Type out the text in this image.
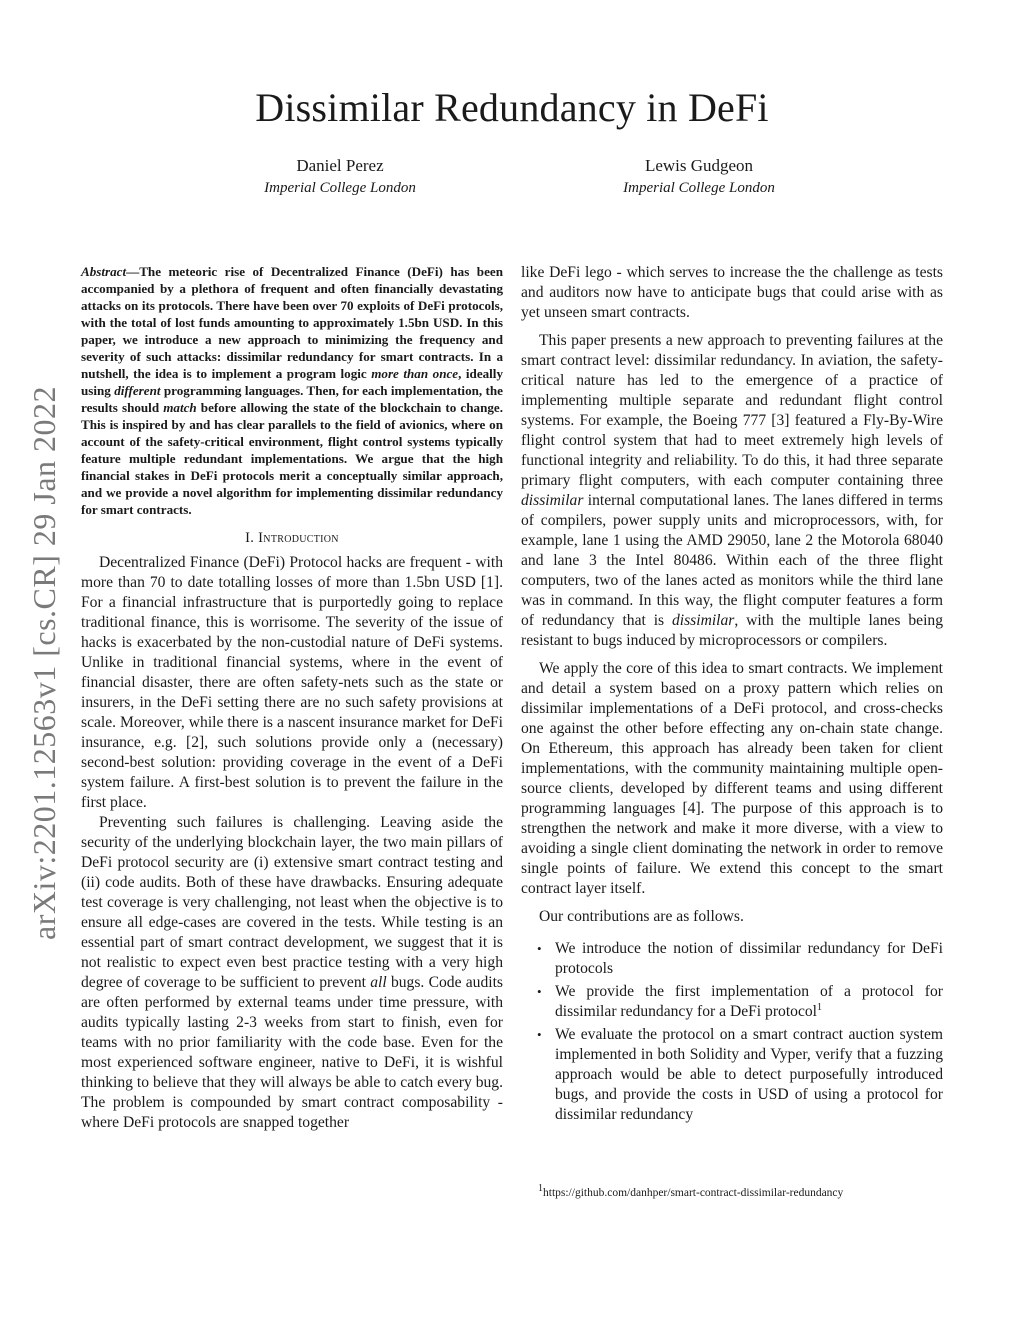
Dissimilar Redundancy in DeFi
Daniel Perez
Imperial College London
Lewis Gudgeon
Imperial College London
arXiv:2201.12563v1 [cs.CR] 29 Jan 2022

Abstract—The meteoric rise of Decentralized Finance (DeFi) has been accompanied by a plethora of frequent and often financially devastating attacks on its protocols. There have been over 70 exploits of DeFi protocols, with the total of lost funds amounting to approximately 1.5bn USD. In this paper, we introduce a new approach to minimizing the frequency and severity of such attacks: dissimilar redundancy for smart contracts. In a nutshell, the idea is to implement a program logic more than once, ideally using different programming languages. Then, for each implementation, the results should match before allowing the state of the blockchain to change. This is inspired by and has clear parallels to the field of avionics, where on account of the safety-critical environment, flight control systems typically feature multiple redundant implementations. We argue that the high financial stakes in DeFi protocols merit a conceptually similar approach, and we provide a novel algorithm for implementing dissimilar redundancy for smart contracts.

I. Introduction

Decentralized Finance (DeFi) Protocol hacks are frequent - with more than 70 to date totalling losses of more than 1.5bn USD [1]. For a financial infrastructure that is purportedly going to replace traditional finance, this is worrisome. The severity of the issue of hacks is exacerbated by the non-custodial nature of DeFi systems. Unlike in traditional financial systems, where in the event of financial disaster, there are often safety-nets such as the state or insurers, in the DeFi setting there are no such safety provisions at scale. Moreover, while there is a nascent insurance market for DeFi insurance, e.g. [2], such solutions provide only a (necessary) second-best solution: providing coverage in the event of a DeFi system failure. A first-best solution is to prevent the failure in the first place.

Preventing such failures is challenging. Leaving aside the security of the underlying blockchain layer, the two main pillars of DeFi protocol security are (i) extensive smart contract testing and (ii) code audits. Both of these have drawbacks. Ensuring adequate test coverage is very challenging, not least when the objective is to ensure all edge-cases are covered in the tests. While testing is an essential part of smart contract development, we suggest that it is not realistic to expect even best practice testing with a very high degree of coverage to be sufficient to prevent all bugs. Code audits are often performed by external teams under time pressure, with audits typically lasting 2-3 weeks from start to finish, even for teams with no prior familiarity with the code base. Even for the most experienced software engineer, native to DeFi, it is wishful thinking to believe that they will always be able to catch every bug. The problem is compounded by smart contract composability - where DeFi protocols are snapped together

like DeFi lego - which serves to increase the the challenge as tests and auditors now have to anticipate bugs that could arise with as yet unseen smart contracts.

This paper presents a new approach to preventing failures at the smart contract level: dissimilar redundancy. In aviation, the safety-critical nature has led to the emergence of a practice of implementing multiple separate and redundant flight control systems. For example, the Boeing 777 [3] featured a Fly-By-Wire flight control system that had to meet extremely high levels of functional integrity and reliability. To do this, it had three separate primary flight computers, with each computer containing three dissimilar internal computational lanes. The lanes differed in terms of compilers, power supply units and microprocessors, with, for example, lane 1 using the AMD 29050, lane 2 the Motorola 68040 and lane 3 the Intel 80486. Within each of the three flight computers, two of the lanes acted as monitors while the third lane was in command. In this way, the flight computer features a form of redundancy that is dissimilar, with the multiple lanes being resistant to bugs induced by microprocessors or compilers.

We apply the core of this idea to smart contracts. We implement and detail a system based on a proxy pattern which relies on dissimilar implementations of a DeFi protocol, and cross-checks one against the other before effecting any on-chain state change. On Ethereum, this approach has already been taken for client implementations, with the community maintaining multiple open-source clients, developed by different teams and using different programming languages [4]. The purpose of this approach is to strengthen the network and make it more diverse, with a view to avoiding a single client dominating the network in order to remove single points of failure. We extend this concept to the smart contract layer itself.

Our contributions are as follows.

• We introduce the notion of dissimilar redundancy for DeFi protocols
• We provide the first implementation of a protocol for dissimilar redundancy for a DeFi protocol$^1$
• We evaluate the protocol on a smart contract auction system implemented in both Solidity and Vyper, verify that a fuzzing approach would be able to detect purposefully introduced bugs, and provide the costs in USD of using a protocol for dissimilar redundancy
$^1$https://github.com/danhper/smart-contract-dissimilar-redundancy
